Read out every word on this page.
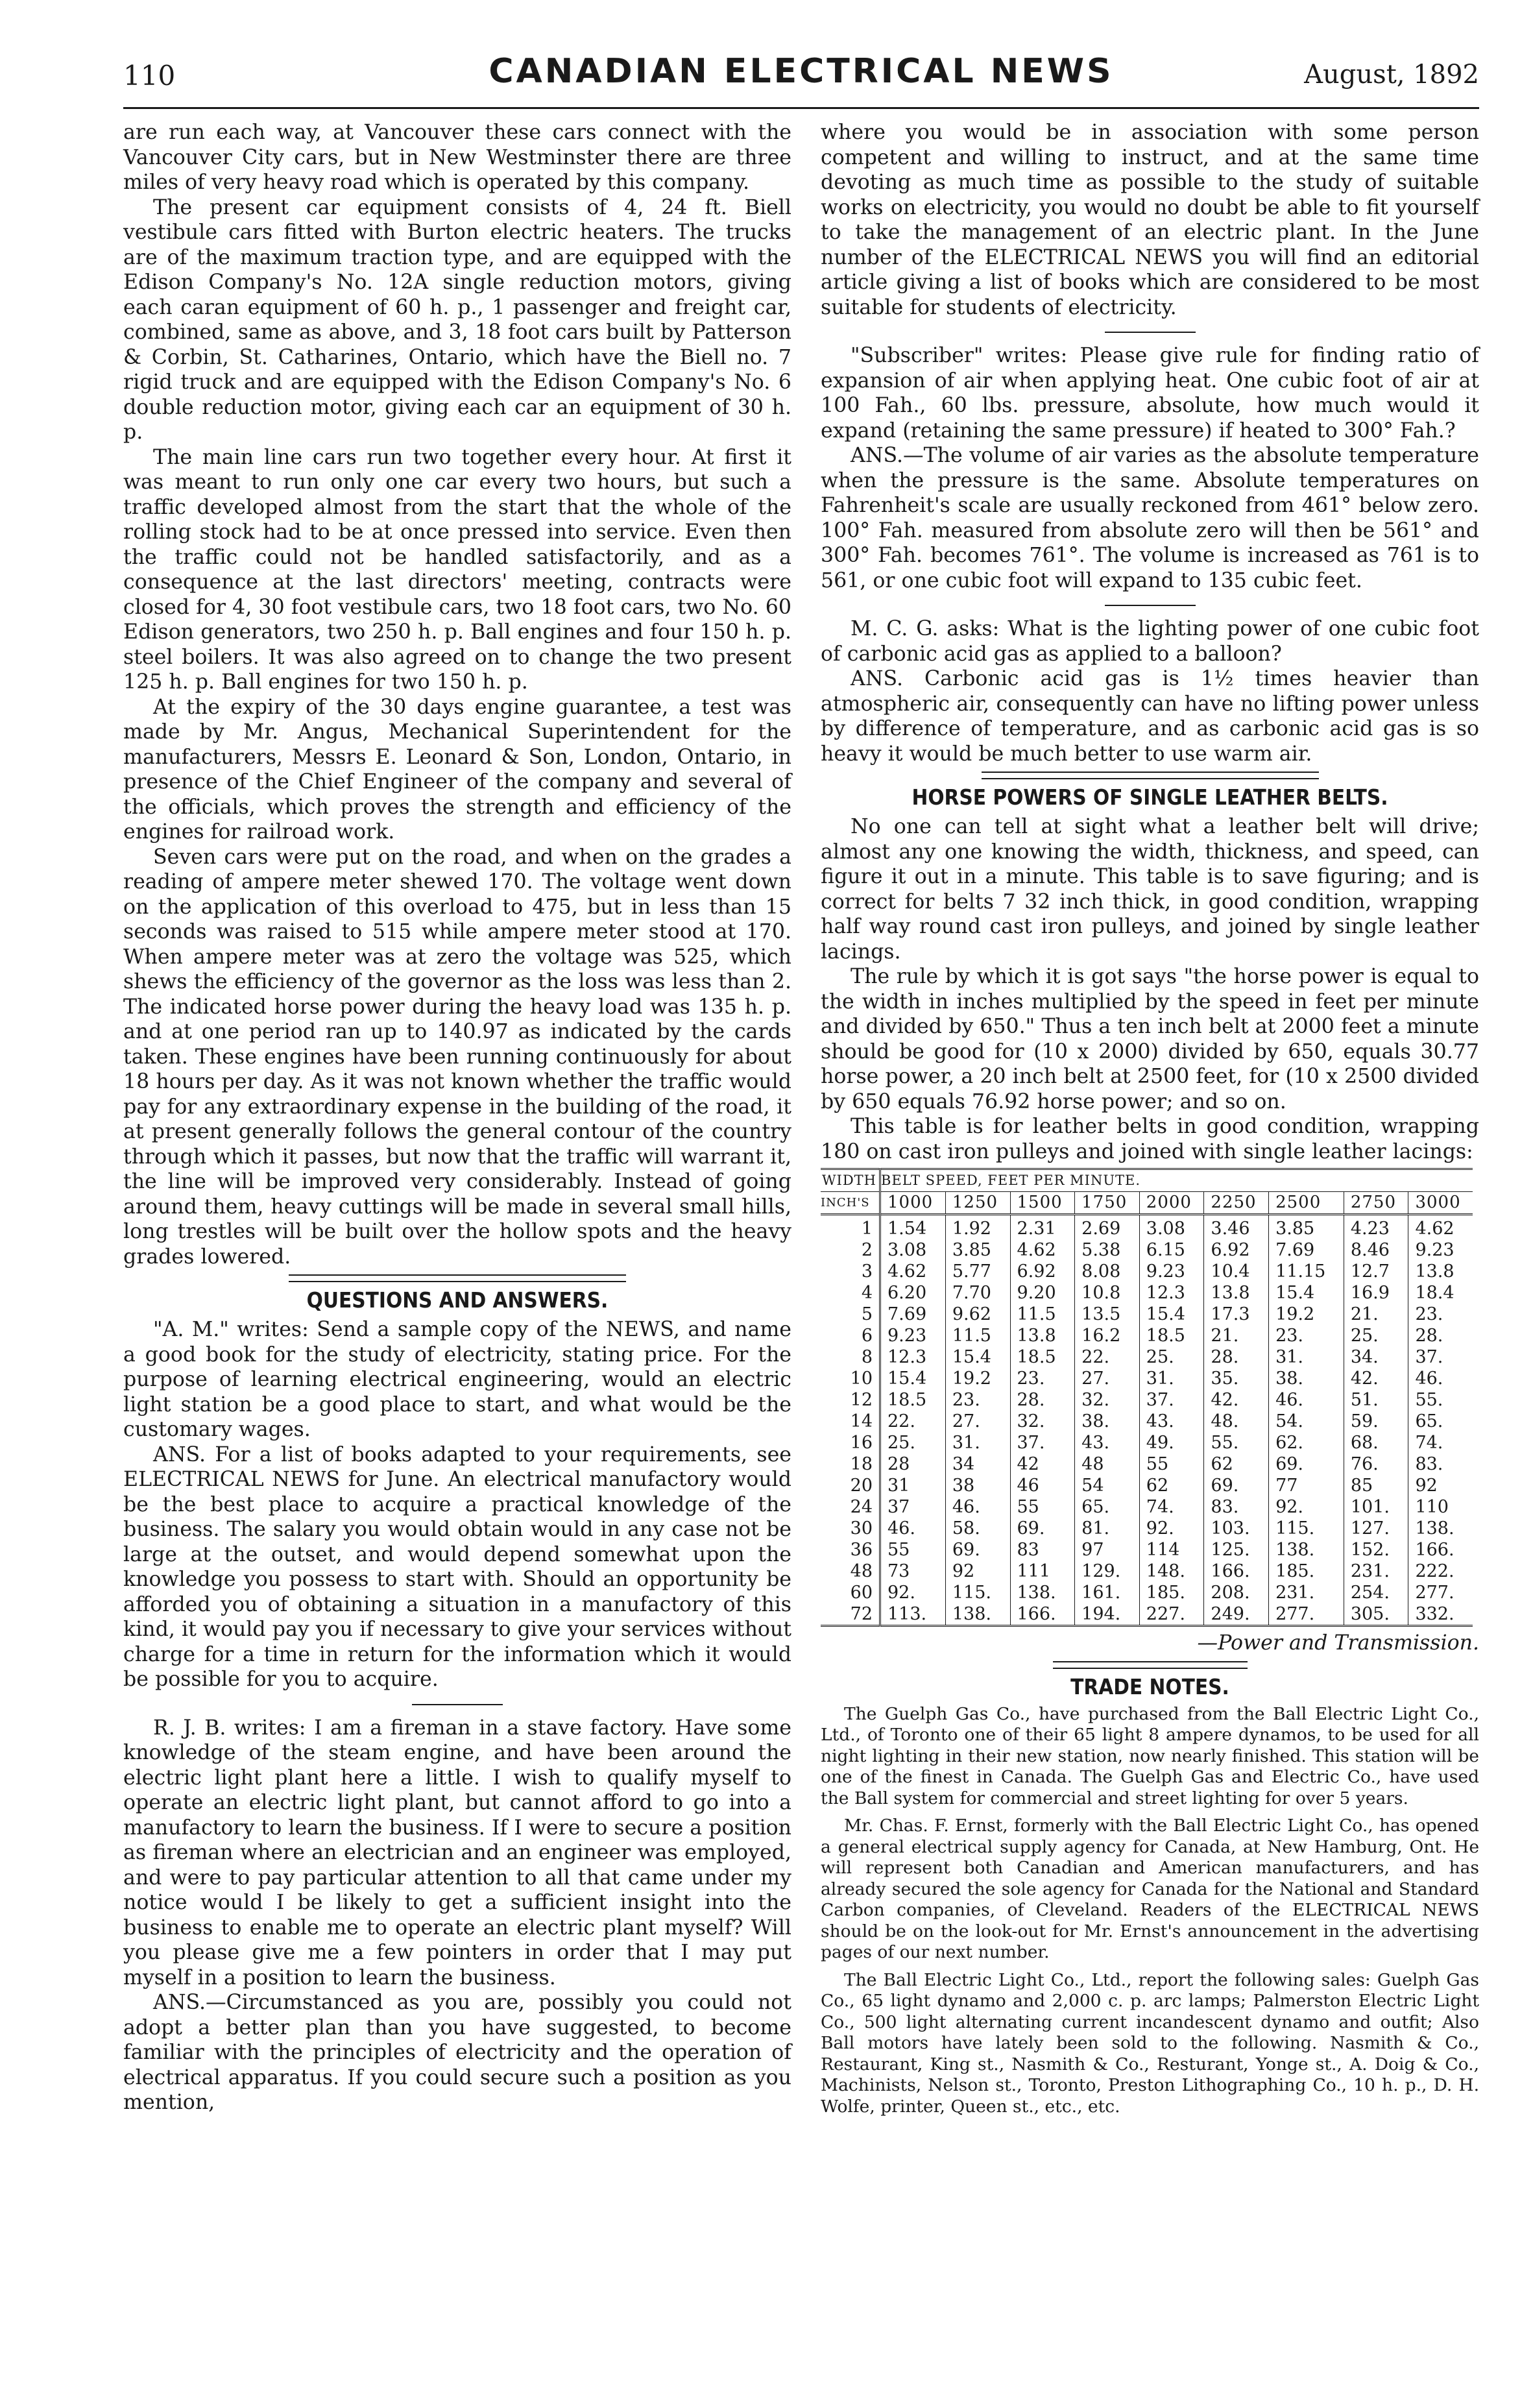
110	CANADIAN ELECTRICAL NEWS	August, 1892

are run each way, at Vancouver these cars connect with the Vancouver City cars, but in New Westminster there are three miles of very heavy road which is operated by this company.

The present car equipment consists of 4, 24 ft. Biell vestibule cars fitted with Burton electric heaters. The trucks are of the maximum traction type, and are equipped with the Edison Company's No. 12A single reduction motors, giving each caran equipment of 60 h. p., 1 passenger and freight car, combined, same as above, and 3, 18 foot cars built by Patterson & Corbin, St. Catharines, Ontario, which have the Biell no. 7 rigid truck and are equipped with the Edison Company's No. 6 double reduction motor, giving each car an equipment of 30 h. p.

The main line cars run two together every hour. At first it was meant to run only one car every two hours, but such a traffic developed almost from the start that the whole of the rolling stock had to be at once pressed into service. Even then the traffic could not be handled satisfactorily, and as a consequence at the last directors' meeting, contracts were closed for 4, 30 foot vestibule cars, two 18 foot cars, two No. 60 Edison generators, two 250 h. p. Ball engines and four 150 h. p. steel boilers. It was also agreed on to change the two present 125 h. p. Ball engines for two 150 h. p.

At the expiry of the 30 days engine guarantee, a test was made by Mr. Angus, Mechanical Superintendent for the manufacturers, Messrs E. Leonard & Son, London, Ontario, in presence of the Chief Engineer of the company and several of the officials, which proves the strength and efficiency of the engines for railroad work.

Seven cars were put on the road, and when on the grades a reading of ampere meter shewed 170. The voltage went down on the application of this overload to 475, but in less than 15 seconds was raised to 515 while ampere meter stood at 170. When ampere meter was at zero the voltage was 525, which shews the efficiency of the governor as the loss was less than 2. The indicated horse power during the heavy load was 135 h. p. and at one period ran up to 140.97 as indicated by the cards taken. These engines have been running continuously for about 18 hours per day. As it was not known whether the traffic would pay for any extraordinary expense in the building of the road, it at present generally follows the general contour of the country through which it passes, but now that the traffic will warrant it, the line will be improved very considerably. Instead of going around them, heavy cuttings will be made in several small hills, long trestles will be built over the hollow spots and the heavy grades lowered.

QUESTIONS AND ANSWERS.

"A. M." writes: Send a sample copy of the NEWS, and name a good book for the study of electricity, stating price. For the purpose of learning electrical engineering, would an electric light station be a good place to start, and what would be the customary wages.

ANS. For a list of books adapted to your requirements, see ELECTRICAL NEWS for June. An electrical manufactory would be the best place to acquire a practical knowledge of the business. The salary you would obtain would in any case not be large at the outset, and would depend somewhat upon the knowledge you possess to start with. Should an opportunity be afforded you of obtaining a situation in a manufactory of this kind, it would pay you if necessary to give your services without charge for a time in return for the information which it would be possible for you to acquire.

R. J. B. writes: I am a fireman in a stave factory. Have some knowledge of the steam engine, and have been around the electric light plant here a little. I wish to qualify myself to operate an electric light plant, but cannot afford to go into a manufactory to learn the business. If I were to secure a position as fireman where an electrician and an engineer was employed, and were to pay particular attention to all that came under my notice would I be likely to get a sufficient insight into the business to enable me to operate an electric plant myself? Will you please give me a few pointers in order that I may put myself in a position to learn the business.

ANS.—Circumstanced as you are, possibly you could not adopt a better plan than you have suggested, to become familiar with the principles of electricity and the operation of electrical apparatus. If you could secure such a position as you mention,

where you would be in association with some person competent and willing to instruct, and at the same time devoting as much time as possible to the study of suitable works on electricity, you would no doubt be able to fit yourself to take the management of an electric plant. In the June number of the ELECTRICAL NEWS you will find an editorial article giving a list of books which are considered to be most suitable for students of electricity.

"Subscriber" writes: Please give rule for finding ratio of expansion of air when applying heat. One cubic foot of air at 100 Fah., 60 lbs. pressure, absolute, how much would it expand (retaining the same pressure) if heated to 300° Fah.?

ANS.—The volume of air varies as the absolute temperature when the pressure is the same. Absolute temperatures on Fahrenheit's scale are usually reckoned from 461° below zero. 100° Fah. measured from absolute zero will then be 561° and 300° Fah. becomes 761°. The volume is increased as 761 is to 561, or one cubic foot will expand to 135 cubic feet.

M. C. G. asks: What is the lighting power of one cubic foot of carbonic acid gas as applied to a balloon?

ANS. Carbonic acid gas is 1½ times heavier than atmospheric air, consequently can have no lifting power unless by difference of temperature, and as carbonic acid gas is so heavy it would be much better to use warm air.

HORSE POWERS OF SINGLE LEATHER BELTS.

No one can tell at sight what a leather belt will drive; almost any one knowing the width, thickness, and speed, can figure it out in a minute. This table is to save figuring; and is correct for belts 7 32 inch thick, in good condition, wrapping half way round cast iron pulleys, and joined by single leather lacings.

The rule by which it is got says "the horse power is equal to the width in inches multiplied by the speed in feet per minute and divided by 650." Thus a ten inch belt at 2000 feet a minute should be good for (10 x 2000) divided by 650, equals 30.77 horse power, a 20 inch belt at 2500 feet, for (10 x 2500 divided by 650 equals 76.92 horse power; and so on.

This table is for leather belts in good condition, wrapping 180 on cast iron pulleys and joined with single leather lacings:

WIDTH	BELT SPEED, FEET PER MINUTE.								
INCH'S	1000	1250	1500	1750	2000	2250	2500	2750	3000
1	1.54	1.92	2.31	2.69	3.08	3.46	3.85	4.23	4.62
2	3.08	3.85	4.62	5.38	6.15	6.92	7.69	8.46	9.23
3	4.62	5.77	6.92	8.08	9.23	10.4	11.15	12.7	13.8
4	6.20	7.70	9.20	10.8	12.3	13.8	15.4	16.9	18.4
5	7.69	9.62	11.5	13.5	15.4	17.3	19.2	21.	23.
6	9.23	11.5	13.8	16.2	18.5	21.	23.	25.	28.
8	12.3	15.4	18.5	22.	25.	28.	31.	34.	37.
10	15.4	19.2	23.	27.	31.	35.	38.	42.	46.
12	18.5	23.	28.	32.	37.	42.	46.	51.	55.
14	22.	27.	32.	38.	43.	48.	54.	59.	65.
16	25.	31.	37.	43.	49.	55.	62.	68.	74.
18	28	34	42	48	55	62	69.	76.	83.
20	31	38	46	54	62	69.	77	85	92
24	37	46.	55	65.	74.	83.	92.	101.	110
30	46.	58.	69.	81.	92.	103.	115.	127.	138.
36	55	69.	83	97	114	125.	138.	152.	166.
48	73	92	111	129.	148.	166.	185.	231.	222.
60	92.	115.	138.	161.	185.	208.	231.	254.	277.
72	113.	138.	166.	194.	227.	249.	277.	305.	332.
—Power and Transmission.
TRADE NOTES.

The Guelph Gas Co., have purchased from the Ball Electric Light Co., Ltd., of Toronto one of their 65 light 8 ampere dynamos, to be used for all night lighting in their new station, now nearly finished. This station will be one of the finest in Canada. The Guelph Gas and Electric Co., have used the Ball system for commercial and street lighting for over 5 years.

Mr. Chas. F. Ernst, formerly with the Ball Electric Light Co., has opened a general electrical supply agency for Canada, at New Hamburg, Ont. He will represent both Canadian and American manufacturers, and has already secured the sole agency for Canada for the National and Standard Carbon companies, of Cleveland. Readers of the ELECTRICAL NEWS should be on the look-out for Mr. Ernst's announcement in the advertising pages of our next number.

The Ball Electric Light Co., Ltd., report the following sales: Guelph Gas Co., 65 light dynamo and 2,000 c. p. arc lamps; Palmerston Electric Light Co., 500 light alternating current incandescent dynamo and outfit; Also Ball motors have lately been sold to the following. Nasmith & Co., Restaurant, King st., Nasmith & Co., Resturant, Yonge st., A. Doig & Co., Machinists, Nelson st., Toronto, Preston Lithographing Co., 10 h. p., D. H. Wolfe, printer, Queen st., etc., etc.
